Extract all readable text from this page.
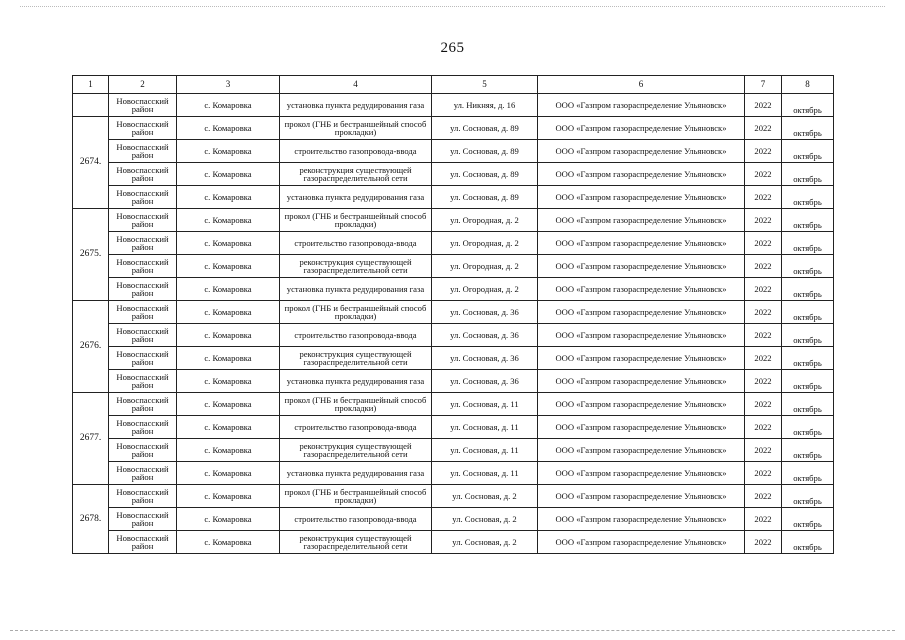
265
1	2	3	4	5	6	7	8
	Новоспасский район	с. Комаровка	установка пункта редудирования газа	ул. Никняя, д. 16	ООО «Газпром газораспределение Ульяновск»	2022	октябрь
2674.	Новоспасский район	с. Комаровка	прокол (ГНБ и бестраншейный способ прокладки)	ул. Сосновая, д. 89	ООО «Газпром газораспределение Ульяновск»	2022	октябрь
	Новоспасский район	с. Комаровка	строительство газопровода-ввода	ул. Сосновая, д. 89	ООО «Газпром газораспределение Ульяновск»	2022	октябрь
	Новоспасский район	с. Комаровка	реконструкция существующей газораспределительной сети	ул. Сосновая, д. 89	ООО «Газпром газораспределение Ульяновск»	2022	октябрь
	Новоспасский район	с. Комаровка	установка пункта редудирования газа	ул. Сосновая, д. 89	ООО «Газпром газораспределение Ульяновск»	2022	октябрь
2675.	Новоспасский район	с. Комаровка	прокол (ГНБ и бестраншейный способ прокладки)	ул. Огородная, д. 2	ООО «Газпром газораспределение Ульяновск»	2022	октябрь
	Новоспасский район	с. Комаровка	строительство газопровода-ввода	ул. Огородная, д. 2	ООО «Газпром газораспределение Ульяновск»	2022	октябрь
	Новоспасский район	с. Комаровка	реконструкция существующей газораспределительной сети	ул. Огородная, д. 2	ООО «Газпром газораспределение Ульяновск»	2022	октябрь
	Новоспасский район	с. Комаровка	установка пункта редудирования газа	ул. Огородная, д. 2	ООО «Газпром газораспределение Ульяновск»	2022	октябрь
2676.	Новоспасский район	с. Комаровка	прокол (ГНБ и бестраншейный способ прокладки)	ул. Сосновая, д. 36	ООО «Газпром газораспределение Ульяновск»	2022	октябрь
	Новоспасский район	с. Комаровка	строительство газопровода-ввода	ул. Сосновая, д. 36	ООО «Газпром газораспределение Ульяновск»	2022	октябрь
	Новоспасский район	с. Комаровка	реконструкция существующей газораспределительной сети	ул. Сосновая, д. 36	ООО «Газпром газораспределение Ульяновск»	2022	октябрь
	Новоспасский район	с. Комаровка	установка пункта редудирования газа	ул. Сосновая, д. 36	ООО «Газпром газораспределение Ульяновск»	2022	октябрь
2677.	Новоспасский район	с. Комаровка	прокол (ГНБ и бестраншейный способ прокладки)	ул. Сосновая, д. 11	ООО «Газпром газораспределение Ульяновск»	2022	октябрь
	Новоспасский район	с. Комаровка	строительство газопровода-ввода	ул. Сосновая, д. 11	ООО «Газпром газораспределение Ульяновск»	2022	октябрь
	Новоспасский район	с. Комаровка	реконструкция существующей газораспределительной сети	ул. Сосновая, д. 11	ООО «Газпром газораспределение Ульяновск»	2022	октябрь
	Новоспасский район	с. Комаровка	установка пункта редудирования газа	ул. Сосновая, д. 11	ООО «Газпром газораспределение Ульяновск»	2022	октябрь
2678.	Новоспасский район	с. Комаровка	прокол (ГНБ и бестраншейный способ прокладки)	ул. Сосновая, д. 2	ООО «Газпром газораспределение Ульяновск»	2022	октябрь
	Новоспасский район	с. Комаровка	строительство газопровода-ввода	ул. Сосновая, д. 2	ООО «Газпром газораспределение Ульяновск»	2022	октябрь
	Новоспасский район	с. Комаровка	реконструкция существующей газораспределительной сети	ул. Сосновая, д. 2	ООО «Газпром газораспределение Ульяновск»	2022	октябрь
